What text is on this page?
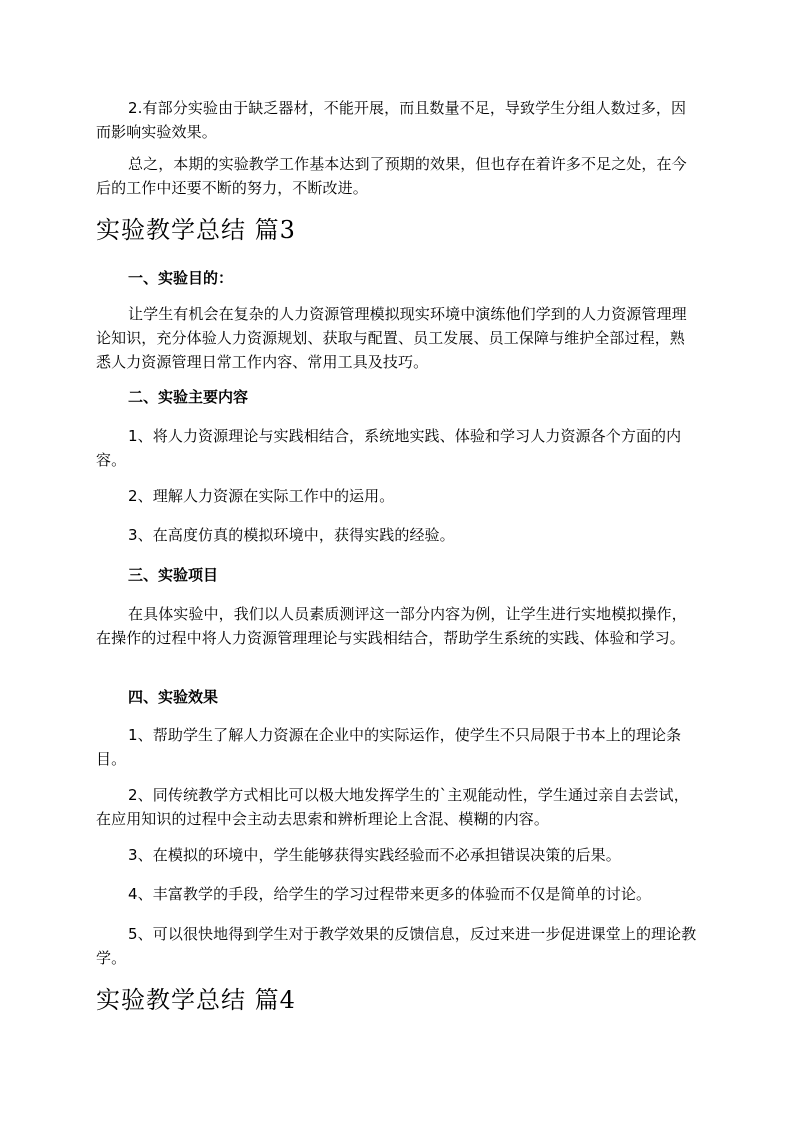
2.有部分实验由于缺乏器材，不能开展，而且数量不足，导致学生分组人数过多，因而影响实验效果。

总之，本期的实验教学工作基本达到了预期的效果，但也存在着许多不足之处，在今后的工作中还要不断的努力，不断改进。

实验教学总结 篇3

一、实验目的：

让学生有机会在复杂的人力资源管理模拟现实环境中演练他们学到的人力资源管理理论知识，充分体验人力资源规划、获取与配置、员工发展、员工保障与维护全部过程，熟悉人力资源管理日常工作内容、常用工具及技巧。

二、实验主要内容

1、将人力资源理论与实践相结合，系统地实践、体验和学习人力资源各个方面的内容。

2、理解人力资源在实际工作中的运用。

3、在高度仿真的模拟环境中，获得实践的经验。

三、实验项目

在具体实验中，我们以人员素质测评这一部分内容为例，让学生进行实地模拟操作，在操作的过程中将人力资源管理理论与实践相结合，帮助学生系统的实践、体验和学习。

四、实验效果

1、帮助学生了解人力资源在企业中的实际运作，使学生不只局限于书本上的理论条目。

2、同传统教学方式相比可以极大地发挥学生的`主观能动性，学生通过亲自去尝试，在应用知识的过程中会主动去思索和辨析理论上含混、模糊的内容。

3、在模拟的环境中，学生能够获得实践经验而不必承担错误决策的后果。

4、丰富教学的手段，给学生的学习过程带来更多的体验而不仅是简单的讨论。

5、可以很快地得到学生对于教学效果的反馈信息，反过来进一步促进课堂上的理论教学。

实验教学总结 篇4
